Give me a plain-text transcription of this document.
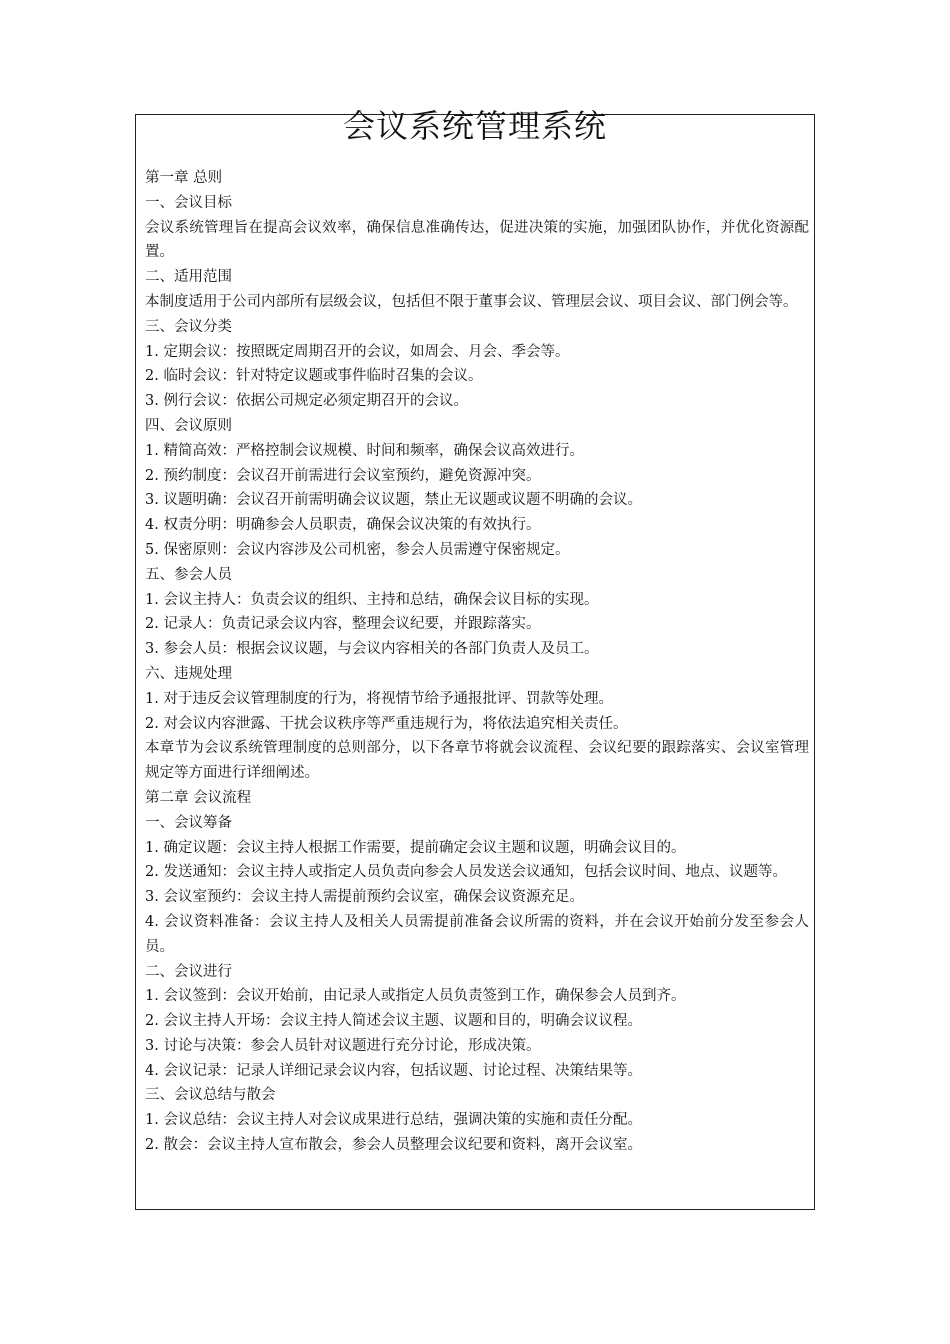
会议系统管理系统

第一章 总则

一、会议目标

会议系统管理旨在提高会议效率，确保信息准确传达，促进决策的实施，加强团队协作，并优化资源配置。

二、适用范围

本制度适用于公司内部所有层级会议，包括但不限于董事会议、管理层会议、项目会议、部门例会等。

三、会议分类

1. 定期会议：按照既定周期召开的会议，如周会、月会、季会等。

2. 临时会议：针对特定议题或事件临时召集的会议。

3. 例行会议：依据公司规定必须定期召开的会议。

四、会议原则

1. 精简高效：严格控制会议规模、时间和频率，确保会议高效进行。

2. 预约制度：会议召开前需进行会议室预约，避免资源冲突。

3. 议题明确：会议召开前需明确会议议题，禁止无议题或议题不明确的会议。

4. 权责分明：明确参会人员职责，确保会议决策的有效执行。

5. 保密原则：会议内容涉及公司机密，参会人员需遵守保密规定。

五、参会人员

1. 会议主持人：负责会议的组织、主持和总结，确保会议目标的实现。

2. 记录人：负责记录会议内容，整理会议纪要，并跟踪落实。

3. 参会人员：根据会议议题，与会议内容相关的各部门负责人及员工。

六、违规处理

1. 对于违反会议管理制度的行为，将视情节给予通报批评、罚款等处理。

2. 对会议内容泄露、干扰会议秩序等严重违规行为，将依法追究相关责任。

本章节为会议系统管理制度的总则部分，以下各章节将就会议流程、会议纪要的跟踪落实、会议室管理规定等方面进行详细阐述。

第二章 会议流程

一、会议筹备

1. 确定议题：会议主持人根据工作需要，提前确定会议主题和议题，明确会议目的。

2. 发送通知：会议主持人或指定人员负责向参会人员发送会议通知，包括会议时间、地点、议题等。

3. 会议室预约：会议主持人需提前预约会议室，确保会议资源充足。

4. 会议资料准备：会议主持人及相关人员需提前准备会议所需的资料，并在会议开始前分发至参会人员。

二、会议进行

1. 会议签到：会议开始前，由记录人或指定人员负责签到工作，确保参会人员到齐。

2. 会议主持人开场：会议主持人简述会议主题、议题和目的，明确会议议程。

3. 讨论与决策：参会人员针对议题进行充分讨论，形成决策。

4. 会议记录：记录人详细记录会议内容，包括议题、讨论过程、决策结果等。

三、会议总结与散会

1. 会议总结：会议主持人对会议成果进行总结，强调决策的实施和责任分配。

2. 散会：会议主持人宣布散会，参会人员整理会议纪要和资料，离开会议室。
